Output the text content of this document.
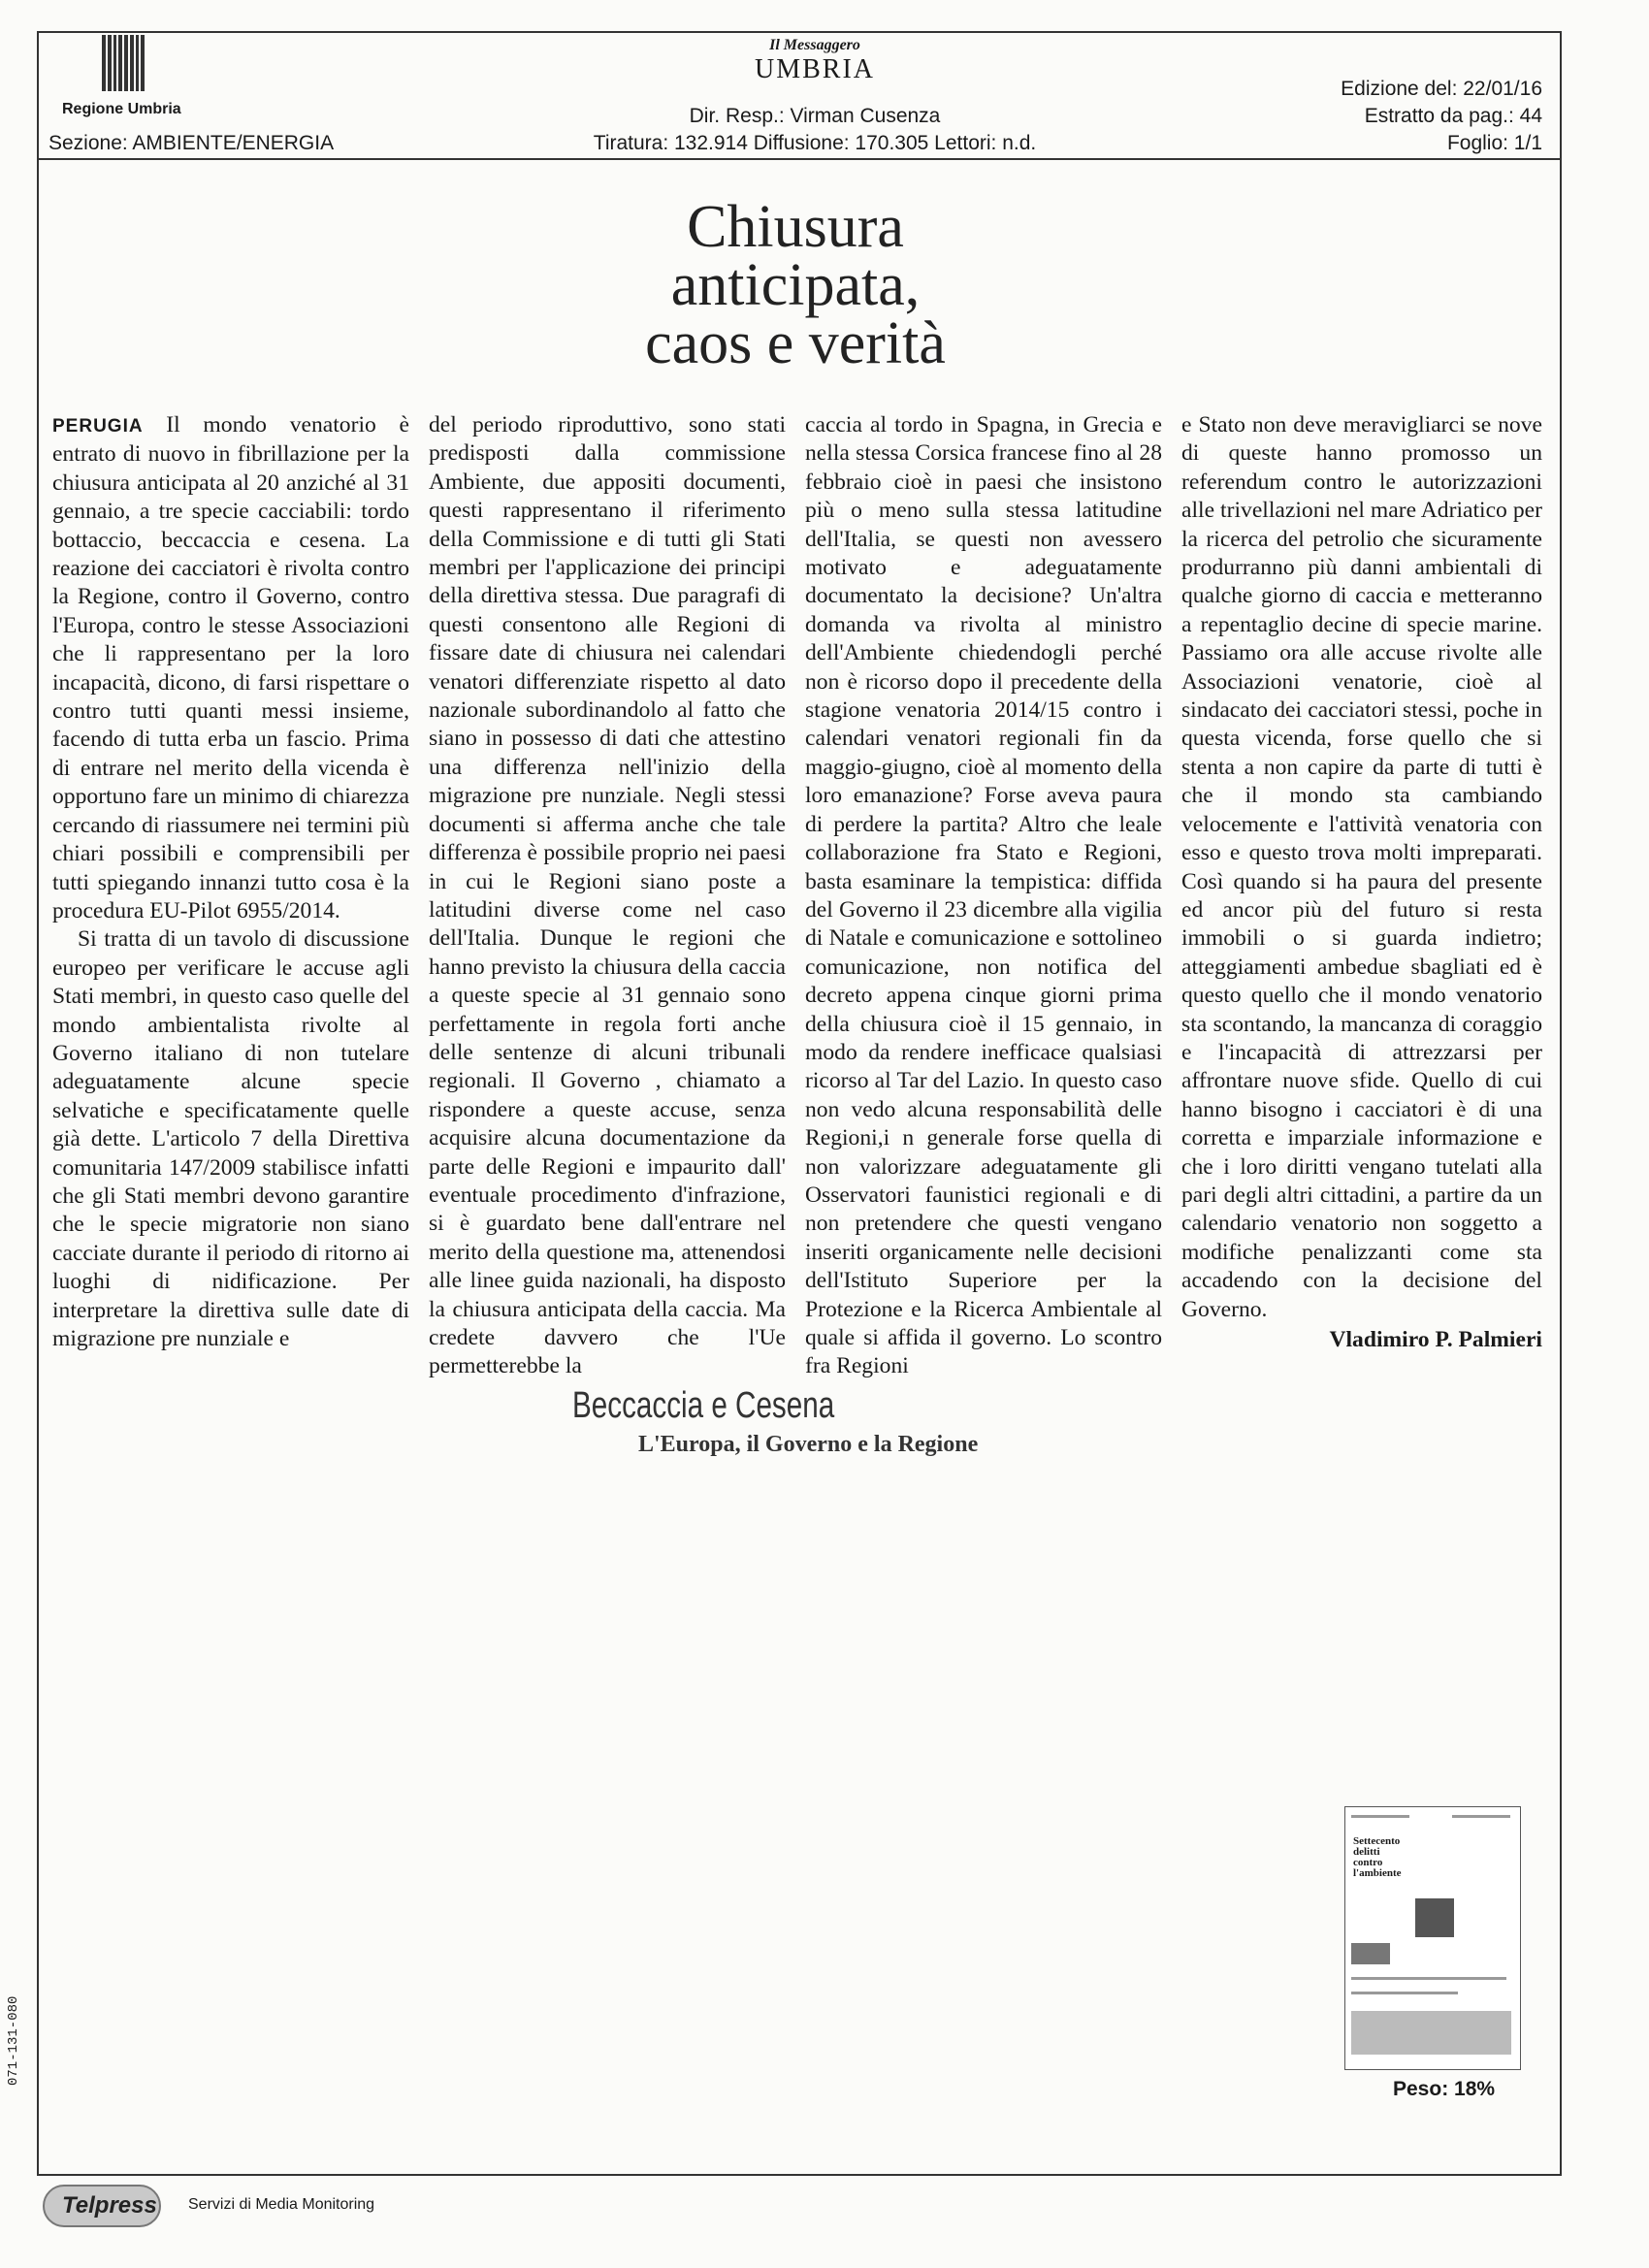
Regione Umbria
Sezione: AMBIENTE/ENERGIA
Il Messaggero
UMBRIA
Dir. Resp.: Virman Cusenza
Tiratura: 132.914 Diffusione: 170.305 Lettori: n.d.
Edizione del: 22/01/16
Estratto da pag.: 44
Foglio: 1/1
Chiusura
anticipata,
caos e verità

PERUGIA Il mondo venatorio è entrato di nuovo in fibrillazione per la chiusura anticipata al 20 anziché al 31 gennaio, a tre specie cacciabili: tordo bottaccio, beccaccia e cesena. La reazione dei cacciatori è rivolta contro la Regione, contro il Governo, contro l'Europa, contro le stesse Associazioni che li rappresentano per la loro incapacità, dicono, di farsi rispettare o contro tutti quanti messi insieme, facendo di tutta erba un fascio. Prima di entrare nel merito della vicenda è opportuno fare un minimo di chiarezza cercando di riassumere nei termini più chiari possibili e comprensibili per tutti spiegando innanzi tutto cosa è la procedura EU-Pilot 6955/2014.

Si tratta di un tavolo di discussione europeo per verificare le accuse agli Stati membri, in questo caso quelle del mondo ambientalista rivolte al Governo italiano di non tutelare adeguatamente alcune specie selvatiche e specificatamente quelle già dette. L'articolo 7 della Direttiva comunitaria 147/2009 stabilisce infatti che gli Stati membri devono garantire che le specie migratorie non siano cacciate durante il periodo di ritorno ai luoghi di nidificazione. Per interpretare la direttiva sulle date di migrazione pre nunziale e

del periodo riproduttivo, sono stati predisposti dalla commissione Ambiente, due appositi documenti, questi rappresentano il riferimento della Commissione e di tutti gli Stati membri per l'applicazione dei principi della direttiva stessa. Due paragrafi di questi consentono alle Regioni di fissare date di chiusura nei calendari venatori differenziate rispetto al dato nazionale subordinandolo al fatto che siano in possesso di dati che attestino una differenza nell'inizio della migrazione pre nunziale. Negli stessi documenti si afferma anche che tale differenza è possibile proprio nei paesi in cui le Regioni siano poste a latitudini diverse come nel caso dell'Italia. Dunque le regioni che hanno previsto la chiusura della caccia a queste specie al 31 gennaio sono perfettamente in regola forti anche delle sentenze di alcuni tribunali regionali. Il Governo , chiamato a rispondere a queste accuse, senza acquisire alcuna documentazione da parte delle Regioni e impaurito dall' eventuale procedimento d'infrazione, si è guardato bene dall'entrare nel merito della questione ma, attenendosi alle linee guida nazionali, ha disposto la chiusura anticipata della caccia. Ma credete davvero che l'Ue permetterebbe la

caccia al tordo in Spagna, in Grecia e nella stessa Corsica francese fino al 28 febbraio cioè in paesi che insistono più o meno sulla stessa latitudine dell'Italia, se questi non avessero motivato e adeguatamente documentato la decisione? Un'altra domanda va rivolta al ministro dell'Ambiente chiedendogli perché non è ricorso dopo il precedente della stagione venatoria 2014/15 contro i calendari venatori regionali fin da maggio-giugno, cioè al momento della loro emanazione? Forse aveva paura di perdere la partita? Altro che leale collaborazione fra Stato e Regioni, basta esaminare la tempistica: diffida del Governo il 23 dicembre alla vigilia di Natale e comunicazione e sottolineo comunicazione, non notifica del decreto appena cinque giorni prima della chiusura cioè il 15 gennaio, in modo da rendere inefficace qualsiasi ricorso al Tar del Lazio. In questo caso non vedo alcuna responsabilità delle Regioni,i n generale forse quella di non valorizzare adeguatamente gli Osservatori faunistici regionali e di non pretendere che questi vengano inseriti organicamente nelle decisioni dell'Istituto Superiore per la Protezione e la Ricerca Ambientale al quale si affida il governo. Lo scontro fra Regioni

e Stato non deve meravigliarci se nove di queste hanno promosso un referendum contro le autorizzazioni alle trivellazioni nel mare Adriatico per la ricerca del petrolio che sicuramente produrranno più danni ambientali di qualche giorno di caccia e metteranno a repentaglio decine di specie marine. Passiamo ora alle accuse rivolte alle Associazioni venatorie, cioè al sindacato dei cacciatori stessi, poche in questa vicenda, forse quello che si stenta a non capire da parte di tutti è che il mondo sta cambiando velocemente e l'attività venatoria con esso e questo trova molti impreparati. Così quando si ha paura del presente ed ancor più del futuro si resta immobili o si guarda indietro; atteggiamenti ambedue sbagliati ed è questo quello che il mondo venatorio sta scontando, la mancanza di coraggio e l'incapacità di attrezzarsi per affrontare nuove sfide. Quello di cui hanno bisogno i cacciatori è di una corretta e imparziale informazione e che i loro diritti vengano tutelati alla pari degli altri cittadini, a partire da un calendario venatorio non soggetto a modifiche penalizzanti come sta accadendo con la decisione del Governo.

Vladimiro P. Palmieri

Beccaccia e Cesena
L'Europa, il Governo e la Regione
Settecento delitti contro l'ambiente
Peso: 18%
Telpress Servizi di Media Monitoring
071-131-080
